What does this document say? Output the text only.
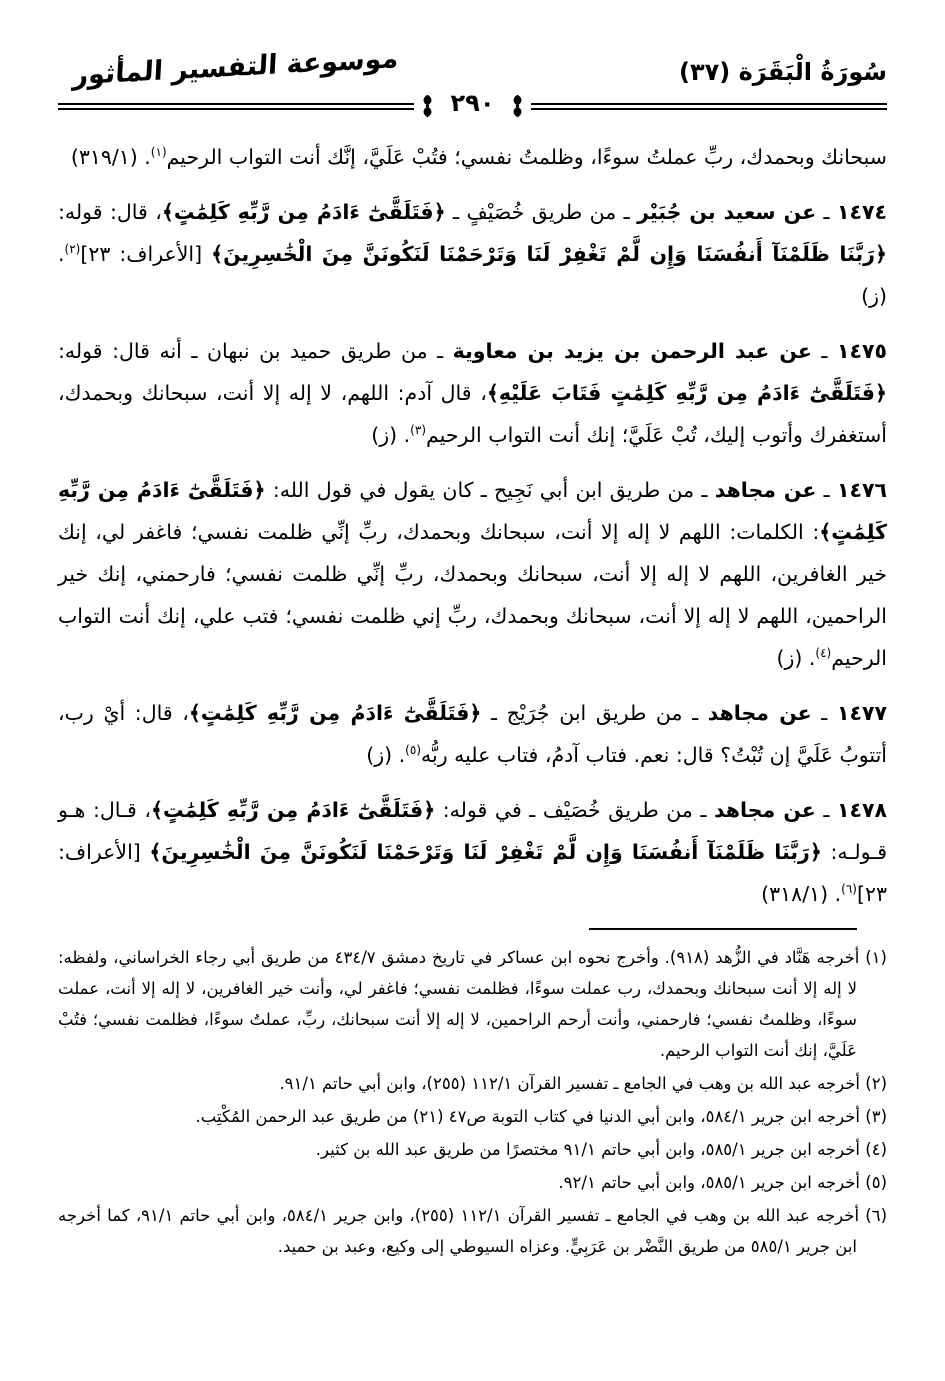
موسوعة التفسير المأثور	سُورَةُ الْبَقَرَة (٣٧)
٢٩٠

سبحانك وبحمدك، ربِّ عملتُ سوءًا، وظلمتُ نفسي؛ فتُبْ عَلَيَّ، إنَّك أنت التواب الرحيم$^{(١)}$. (٣١٩/١)

١٤٧٤ ـ عن سعيد بن جُبَيْر ـ من طريق خُصَيْفٍ ـ ﴿فَتَلَقَّىٰٓ ءَادَمُ مِن رَّبِّهِ كَلِمَٰتٍ﴾، قال: قوله: ﴿رَبَّنَا ظَلَمْنَآ أَنفُسَنَا وَإِن لَّمْ تَغْفِرْ لَنَا وَتَرْحَمْنَا لَنَكُونَنَّ مِنَ الْخَٰسِرِينَ﴾ [الأعراف: ٢٣]$^{(٢)}$. (ز)

١٤٧٥ ـ عن عبد الرحمن بن يزيد بن معاوية ـ من طريق حميد بن نبهان ـ أنه قال: قوله: ﴿فَتَلَقَّىٰٓ ءَادَمُ مِن رَّبِّهِ كَلِمَٰتٍ فَتَابَ عَلَيْهِ﴾، قال آدم: اللهم، لا إله إلا أنت، سبحانك وبحمدك، أستغفرك وأتوب إليك، تُبْ عَلَيَّ؛ إنك أنت التواب الرحيم$^{(٣)}$. (ز)

١٤٧٦ ـ عن مجاهد ـ من طريق ابن أبي نَجِيح ـ كان يقول في قول الله: ﴿فَتَلَقَّىٰٓ ءَادَمُ مِن رَّبِّهِ كَلِمَٰتٍ﴾: الكلمات: اللهم لا إله إلا أنت، سبحانك وبحمدك، ربِّ إنِّي ظلمت نفسي؛ فاغفر لي، إنك خير الغافرين، اللهم لا إله إلا أنت، سبحانك وبحمدك، ربِّ إنِّي ظلمت نفسي؛ فارحمني، إنك خير الراحمين، اللهم لا إله إلا أنت، سبحانك وبحمدك، ربِّ إني ظلمت نفسي؛ فتب علي، إنك أنت التواب الرحيم$^{(٤)}$. (ز)

١٤٧٧ ـ عن مجاهد ـ من طريق ابن جُرَيْج ـ ﴿فَتَلَقَّىٰٓ ءَادَمُ مِن رَّبِّهِ كَلِمَٰتٍ﴾، قال: أيْ رب، أتتوبُ عَلَيَّ إن تُبْتُ؟ قال: نعم. فتاب آدمُ، فتاب عليه ربُّه$^{(٥)}$. (ز)

١٤٧٨ ـ عن مجاهد ـ من طريق خُصَيْف ـ في قوله: ﴿فَتَلَقَّىٰٓ ءَادَمُ مِن رَّبِّهِ كَلِمَٰتٍ﴾، قـال: هـو قـولـه: ﴿رَبَّنَا ظَلَمْنَآ أَنفُسَنَا وَإِن لَّمْ تَغْفِرْ لَنَا وَتَرْحَمْنَا لَنَكُونَنَّ مِنَ الْخَٰسِرِينَ﴾ [الأعراف: ٢٣]$^{(٦)}$. (٣١٨/١)

(١) أخرجه هَنَّاد في الزُّهد (٩١٨). وأخرج نحوه ابن عساكر في تاريخ دمشق ٤٣٤/٧ من طريق أبي رجاء الخراساني، ولفظه: لا إله إلا أنت سبحانك وبحمدك، رب عملت سوءًا، فظلمت نفسي؛ فاغفر لي، وأنت خير الغافرين، لا إله إلا أنت، عملت سوءًا، وظلمتُ نفسي؛ فارحمني، وأنت أرحم الراحمين، لا إله إلا أنت سبحانك، ربِّ، عملتُ سوءًا، فظلمت نفسي؛ فتُبْ عَلَيَّ، إنك أنت التواب الرحيم.

(٢) أخرجه عبد الله بن وهب في الجامع ـ تفسير القرآن ١١٢/١ (٢٥٥)، وابن أبي حاتم ٩١/١.

(٣) أخرجه ابن جرير ٥٨٤/١، وابن أبي الدنيا في كتاب التوبة ص٤٧ (٢١) من طريق عبد الرحمن المُكْتِب.

(٤) أخرجه ابن جرير ٥٨٥/١، وابن أبي حاتم ٩١/١ مختصرًا من طريق عبد الله بن كثير.

(٥) أخرجه ابن جرير ٥٨٥/١، وابن أبي حاتم ٩٢/١.

(٦) أخرجه عبد الله بن وهب في الجامع ـ تفسير القرآن ١١٢/١ (٢٥٥)، وابن جرير ٥٨٤/١، وابن أبي حاتم ٩١/١، كما أخرجه ابن جرير ٥٨٥/١ من طريق النَّضْر بن عَرَبِيٍّ. وعزاه السيوطي إلى وكيع، وعبد بن حميد.
